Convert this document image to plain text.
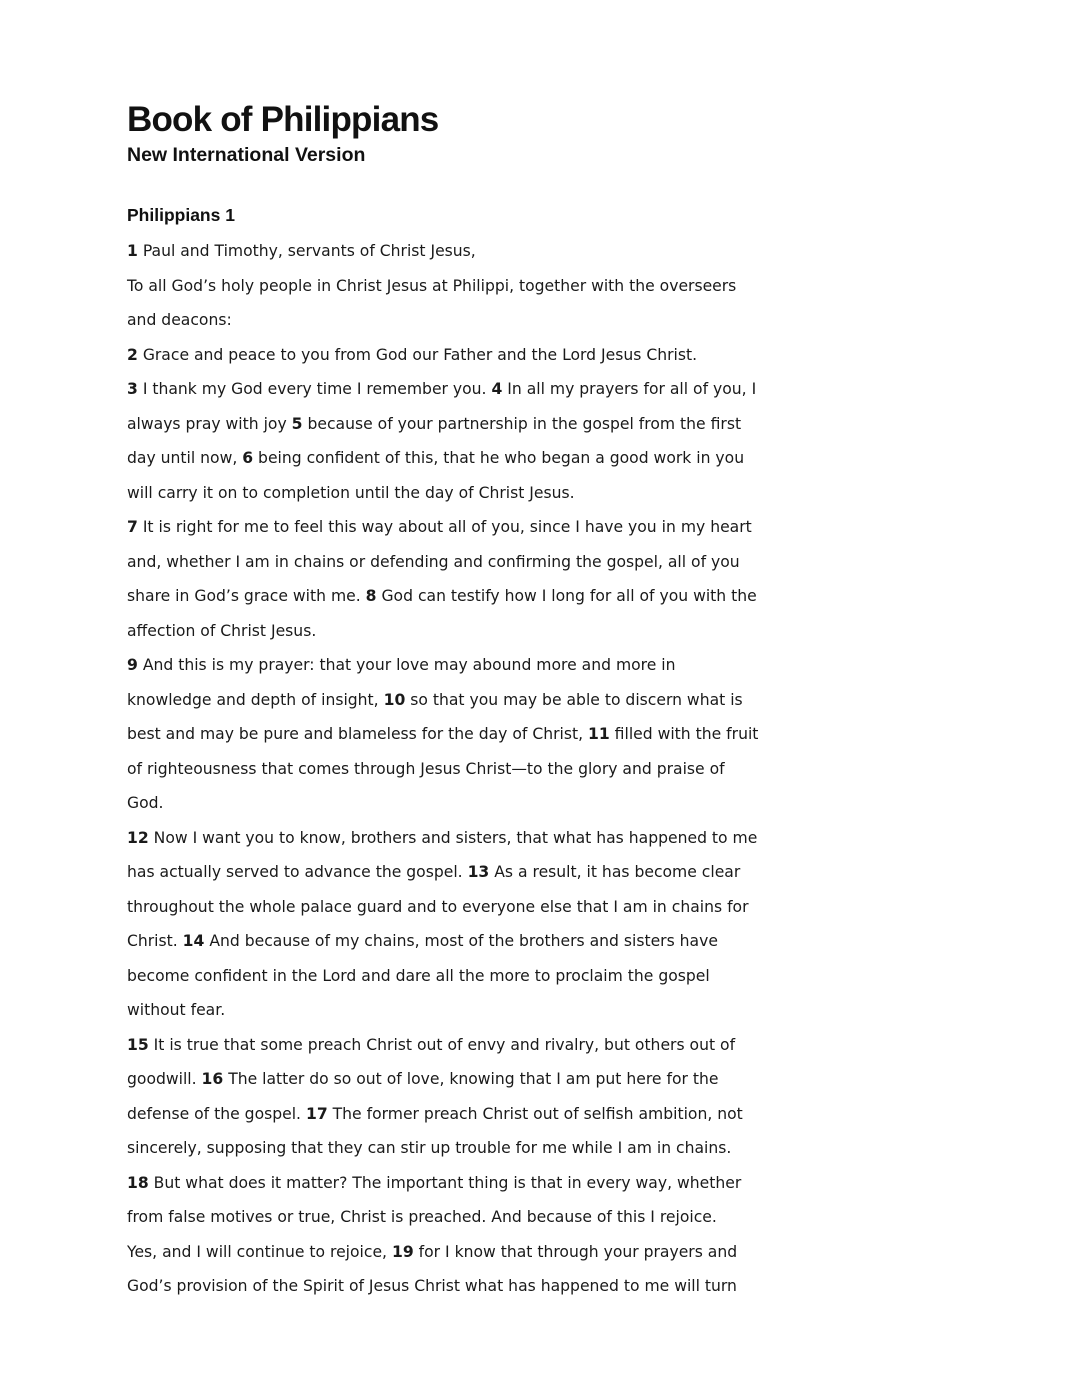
Book of Philippians
New International Version
Philippians 1
1 Paul and Timothy, servants of Christ Jesus,
To all God’s holy people in Christ Jesus at Philippi, together with the overseers
and deacons:
2 Grace and peace to you from God our Father and the Lord Jesus Christ.
3 I thank my God every time I remember you. 4 In all my prayers for all of you, I
always pray with joy 5 because of your partnership in the gospel from the first
day until now, 6 being confident of this, that he who began a good work in you
will carry it on to completion until the day of Christ Jesus.
7 It is right for me to feel this way about all of you, since I have you in my heart
and, whether I am in chains or defending and confirming the gospel, all of you
share in God’s grace with me. 8 God can testify how I long for all of you with the
affection of Christ Jesus.
9 And this is my prayer: that your love may abound more and more in
knowledge and depth of insight, 10 so that you may be able to discern what is
best and may be pure and blameless for the day of Christ, 11 filled with the fruit
of righteousness that comes through Jesus Christ—to the glory and praise of
God.
12 Now I want you to know, brothers and sisters, that what has happened to me
has actually served to advance the gospel. 13 As a result, it has become clear
throughout the whole palace guard and to everyone else that I am in chains for
Christ. 14 And because of my chains, most of the brothers and sisters have
become confident in the Lord and dare all the more to proclaim the gospel
without fear.
15 It is true that some preach Christ out of envy and rivalry, but others out of
goodwill. 16 The latter do so out of love, knowing that I am put here for the
defense of the gospel. 17 The former preach Christ out of selfish ambition, not
sincerely, supposing that they can stir up trouble for me while I am in chains.
18 But what does it matter? The important thing is that in every way, whether
from false motives or true, Christ is preached. And because of this I rejoice.
Yes, and I will continue to rejoice, 19 for I know that through your prayers and
God’s provision of the Spirit of Jesus Christ what has happened to me will turn
